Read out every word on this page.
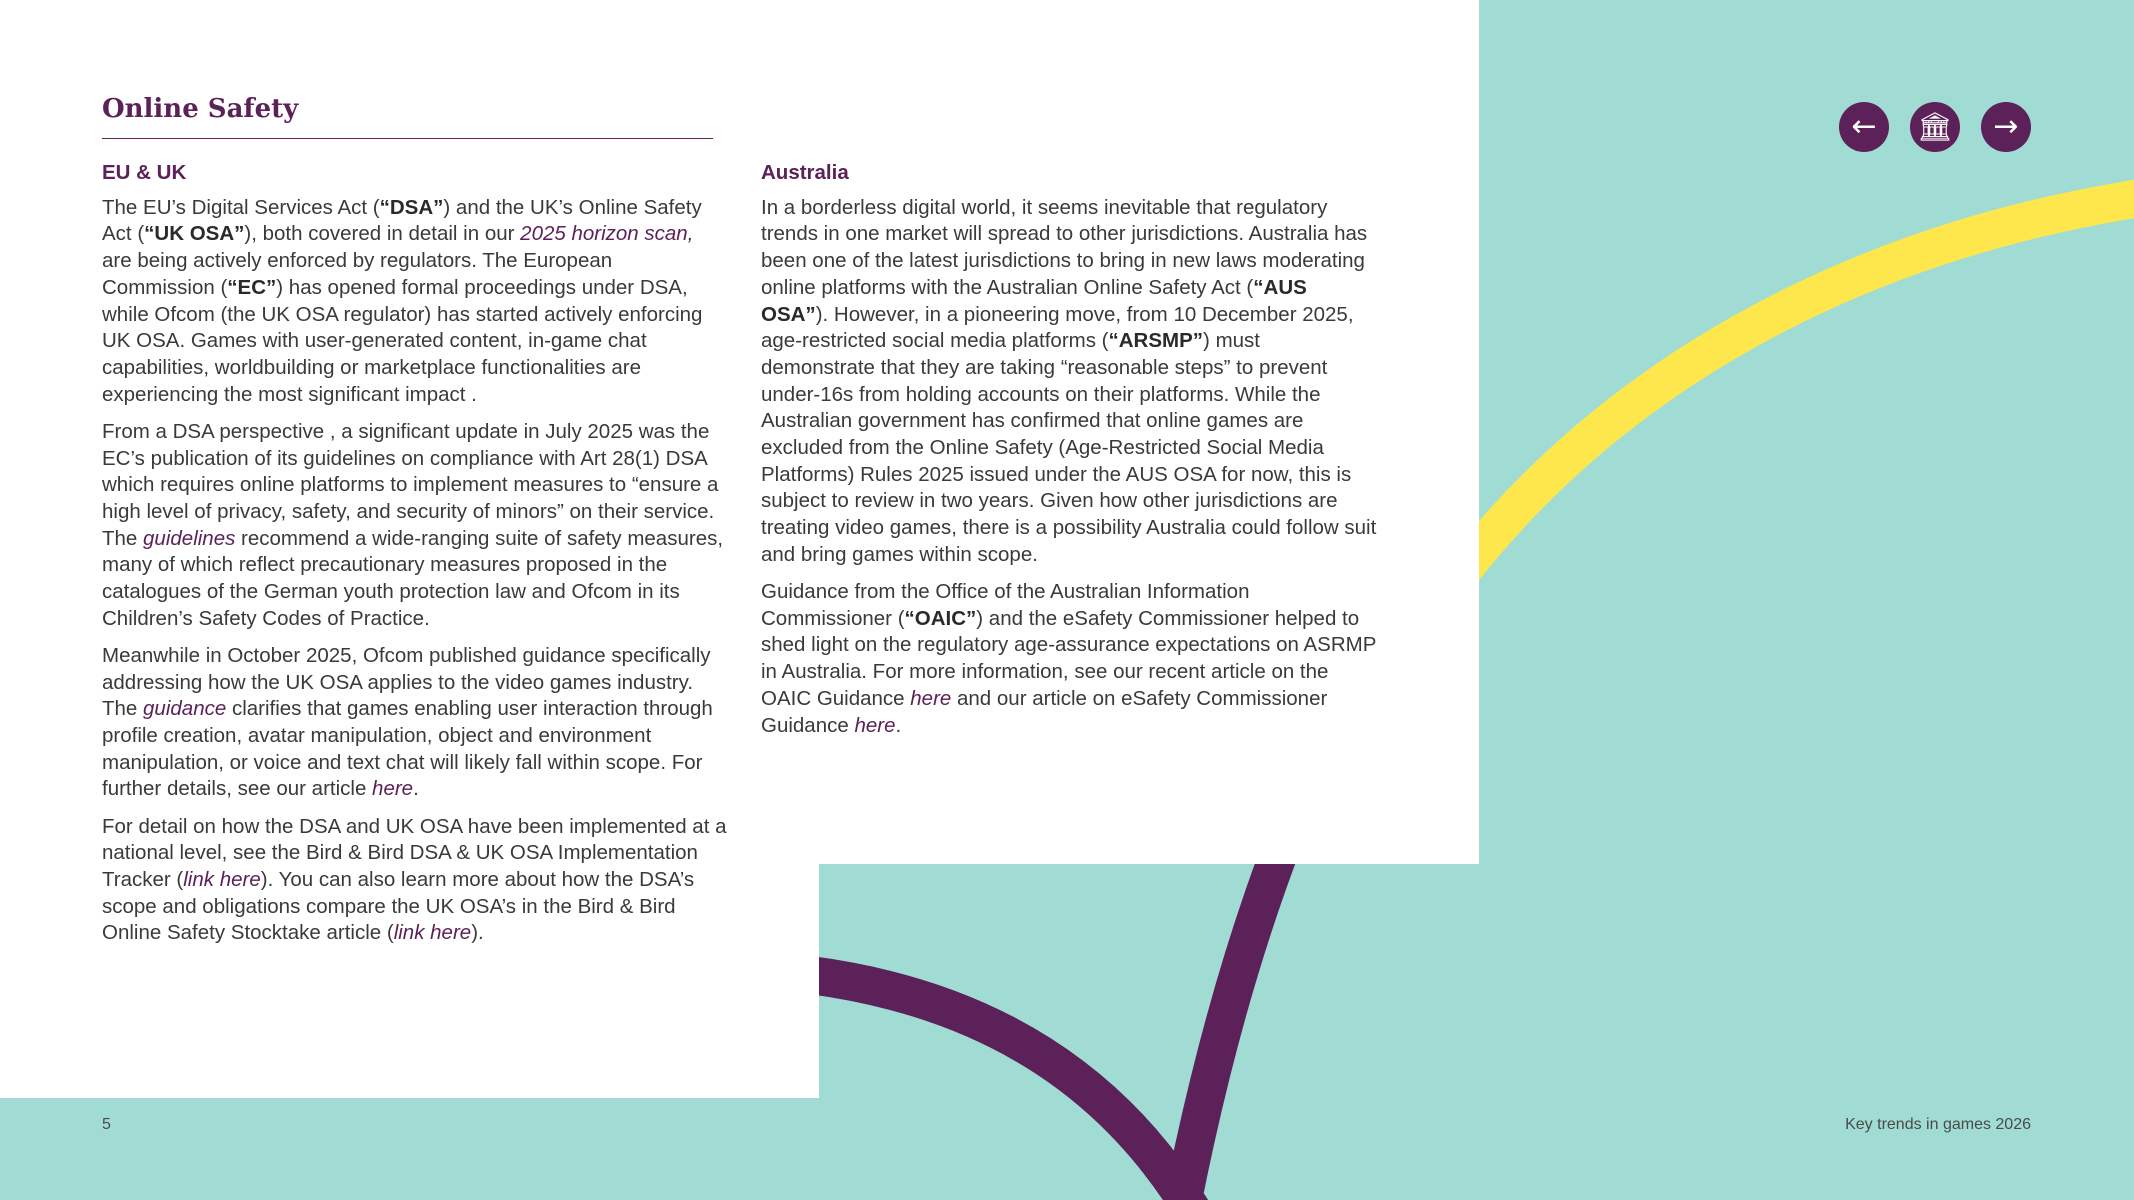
Online Safety
EU & UK

The EU’s Digital Services Act (“DSA”) and the UK’s Online Safety Act (“UK OSA”), both covered in detail in our 2025 horizon scan, are being actively enforced by regulators. The European Commission (“EC”) has opened formal proceedings under DSA, while Ofcom (the UK OSA regulator) has started actively enforcing UK OSA. Games with user-generated content, in-game chat capabilities, worldbuilding or marketplace functionalities are experiencing the most significant impact .

From a DSA perspective , a significant update in July 2025 was the EC’s publication of its guidelines on compliance with Art 28(1) DSA which requires online platforms to implement measures to “ensure a high level of privacy, safety, and security of minors” on their service. The guidelines recommend a wide-ranging suite of safety measures, many of which reflect precautionary measures proposed in the catalogues of the German youth protection law and Ofcom in its Children’s Safety Codes of Practice.

Meanwhile in October 2025, Ofcom published guidance specifically addressing how the UK OSA applies to the video games industry. The guidance clarifies that games enabling user interaction through profile creation, avatar manipulation, object and environment manipulation, or voice and text chat will likely fall within scope. For further details, see our article here.

For detail on how the DSA and UK OSA have been implemented at a national level, see the Bird & Bird DSA & UK OSA Implementation Tracker (link here). You can also learn more about how the DSA’s scope and obligations compare the UK OSA’s in the Bird & Bird Online Safety Stocktake article (link here).

Australia

In a borderless digital world, it seems inevitable that regulatory trends in one market will spread to other jurisdictions. Australia has been one of the latest jurisdictions to bring in new laws moderating online platforms with the Australian Online Safety Act (“AUS OSA”). However, in a pioneering move, from 10 December 2025, age-restricted social media platforms (“ARSMP”) must demonstrate that they are taking “reasonable steps” to prevent under-16s from holding accounts on their platforms. While the Australian government has confirmed that online games are excluded from the Online Safety (Age-Restricted Social Media Platforms) Rules 2025 issued under the AUS OSA for now, this is subject to review in two years. Given how other jurisdictions are treating video games, there is a possibility Australia could follow suit and bring games within scope.

Guidance from the Office of the Australian Information Commissioner (“OAIC”) and the eSafety Commissioner helped to shed light on the regulatory age-assurance expectations on ASRMP in Australia. For more information, see our recent article on the OAIC Guidance here and our article on eSafety Commissioner Guidance here.

←	🏛	→
5	Key trends in games 2026
